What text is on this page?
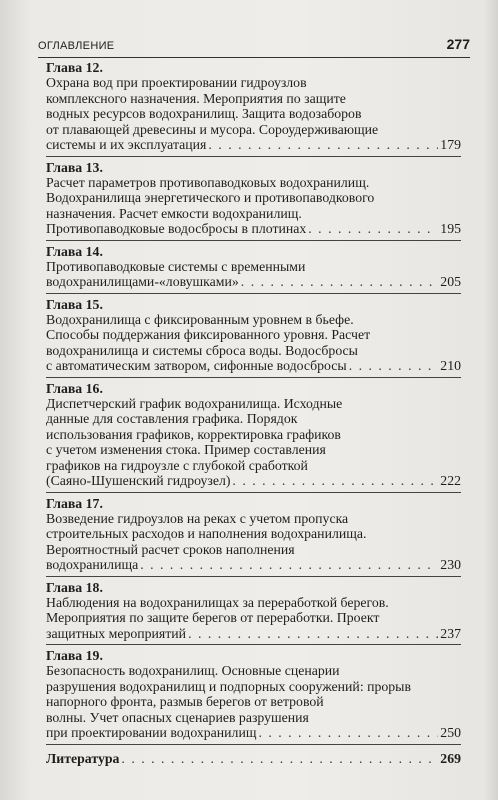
ОГЛАВЛЕНИЕ	277
Глава 12.
Охрана вод при проектировании гидроузлов
комплексного назначения. Мероприятия по защите
водных ресурсов водохранилищ. Защита водозаборов
от плавающей древесины и мусора. Сороудерживающие
системы и их эксплуатация . . .	179
Глава 13.
Расчет параметров противопаводковых водохранилищ.
Водохранилища энергетического и противопаводкового
назначения. Расчет емкости водохранилищ.
Противопаводковые водосбросы в плотинах . . .	195
Глава 14.
Противопаводковые системы с временными
водохранилищами-«ловушками» . . .	205
Глава 15.
Водохранилища с фиксированным уровнем в бьефе.
Способы поддержания фиксированного уровня. Расчет
водохранилища и системы сброса воды. Водосбросы
с автоматическим затвором, сифонные водосбросы . . .	210
Глава 16.
Диспетчерский график водохранилища. Исходные
данные для составления графика. Порядок
использования графиков, корректировка графиков
с учетом изменения стока. Пример составления
графиков на гидроузле с глубокой сработкой
(Саяно-Шушенский гидроузел) . . .	222
Глава 17.
Возведение гидроузлов на реках с учетом пропуска
строительных расходов и наполнения водохранилища.
Вероятностный расчет сроков наполнения
водохранилища . . .	230
Глава 18.
Наблюдения на водохранилищах за переработкой берегов.
Мероприятия по защите берегов от переработки. Проект
защитных мероприятий . . .	237
Глава 19.
Безопасность водохранилищ. Основные сценарии
разрушения водохранилищ и подпорных сооружений: прорыв
напорного фронта, размыв берегов от ветровой
волны. Учет опасных сценариев разрушения
при проектировании водохранилищ . . .	250
Литература . . .	269
